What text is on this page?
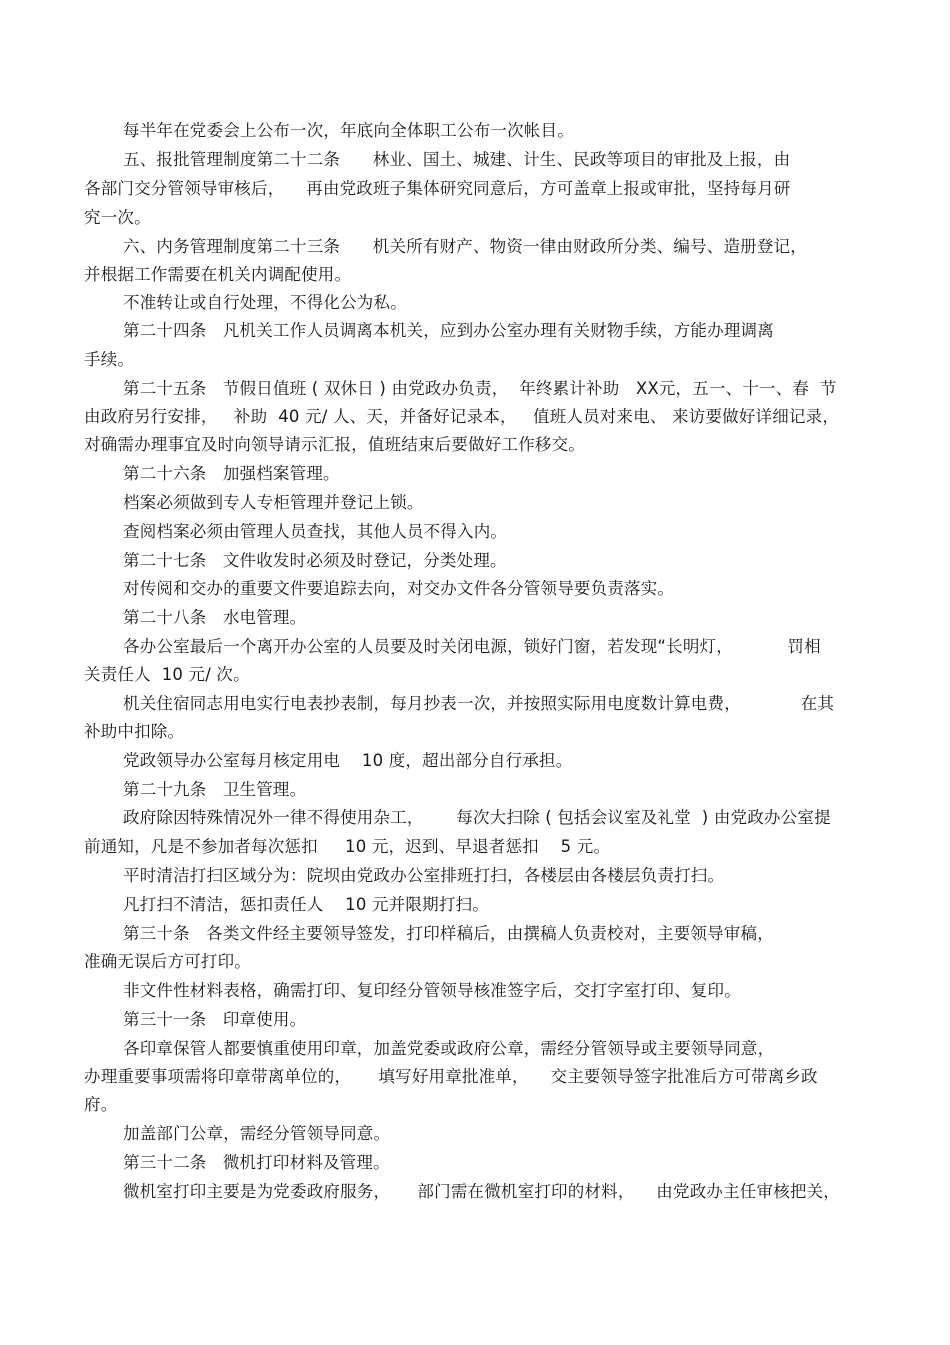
每半年在党委会上公布一次，年底向全体职工公布一次帐目。
五、报批管理制度第二十二条      林业、国土、城建、计生、民政等项目的审批及上报，由
各部门交分管领导审核后，    再由党政班子集体研究同意后，方可盖章上报或审批，坚持每月研
究一次。
六、内务管理制度第二十三条      机关所有财产、物资一律由财政所分类、编号、造册登记，
并根据工作需要在机关内调配使用。
不准转让或自行处理，不得化公为私。
第二十四条   凡机关工作人员调离本机关，应到办公室办理有关财物手续，方能办理调离
手续。
第二十五条   节假日值班 ( 双休日 ) 由党政办负责，  年终累计补助   XX元，五一、十一、春  节
由政府另行安排，   补助  40 元/ 人、天，并备好记录本，   值班人员对来电、 来访要做好详细记录，
对确需办理事宜及时向领导请示汇报，值班结束后要做好工作移交。
第二十六条   加强档案管理。
档案必须做到专人专柜管理并登记上锁。
查阅档案必须由管理人员查找，其他人员不得入内。
第二十七条   文件收发时必须及时登记，分类处理。
对传阅和交办的重要文件要追踪去向，对交办文件各分管领导要负责落实。
第二十八条   水电管理。
各办公室最后一个离开办公室的人员要及时关闭电源，锁好门窗，若发现“长明灯，          罚相
关责任人  10 元/ 次。
机关住宿同志用电实行电表抄表制，每月抄表一次，并按照实际用电度数计算电费，           在其
补助中扣除。
党政领导办公室每月核定用电    10 度，超出部分自行承担。
第二十九条   卫生管理。
政府除因特殊情况外一律不得使用杂工，      每次大扫除 ( 包括会议室及礼堂  ) 由党政办公室提
前通知，凡是不参加者每次惩扣     10 元，迟到、早退者惩扣    5 元。
平时清洁打扫区域分为：院坝由党政办公室排班打扫，各楼层由各楼层负责打扫。
凡打扫不清洁，惩扣责任人    10 元并限期打扫。
第三十条   各类文件经主要领导签发，打印样稿后，由撰稿人负责校对，主要领导审稿，
准确无误后方可打印。
非文件性材料表格，确需打印、复印经分管领导核准签字后，交打字室打印、复印。
第三十一条   印章使用。
各印章保管人都要慎重使用印章，加盖党委或政府公章，需经分管领导或主要领导同意，
办理重要事项需将印章带离单位的，     填写好用章批准单，    交主要领导签字批准后方可带离乡政
府。
加盖部门公章，需经分管领导同意。
第三十二条   微机打印材料及管理。
微机室打印主要是为党委政府服务，     部门需在微机室打印的材料，    由党政办主任审核把关，
